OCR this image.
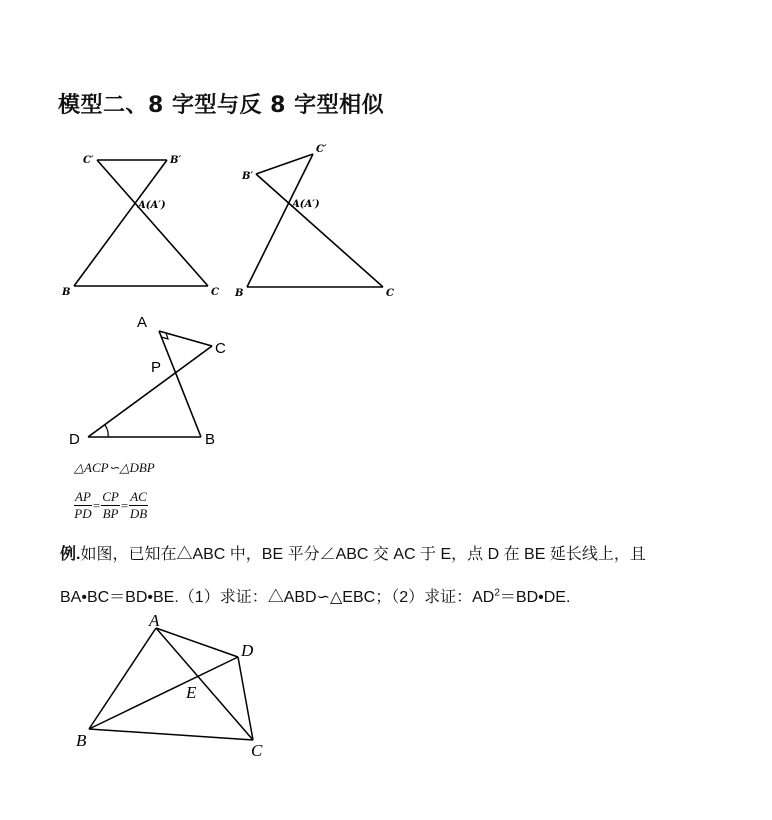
模型二、8 字型与反 8 字型相似
C′	B′
A(A′)
B	C
C′
B′
A(A′)
B	C
A
C
P
D	B
A
D
E
B
C
△ACP∽△DBP
$\frac{AP}{PD} = \frac{CP}{BP} = \frac{AC}{DB}$
例.如图，已知在△ABC 中，BE 平分∠ABC 交 AC 于 E，点 D 在 BE 延长线上，且
BA•BC＝BD•BE.（1）求证：△ABD∽△EBC；（2）求证：$AD^2=BD•DE$.
